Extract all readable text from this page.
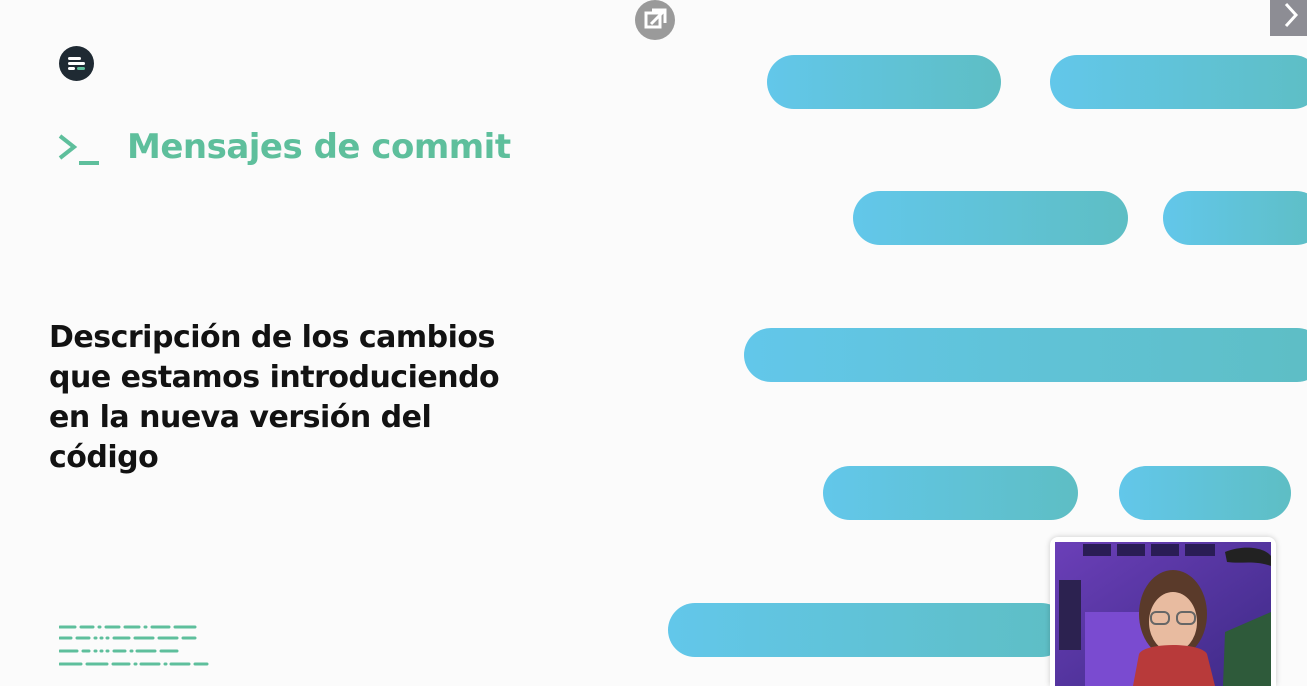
Mensajes de commit
Descripción de los cambios que estamos introduciendo en la nueva versión del código
